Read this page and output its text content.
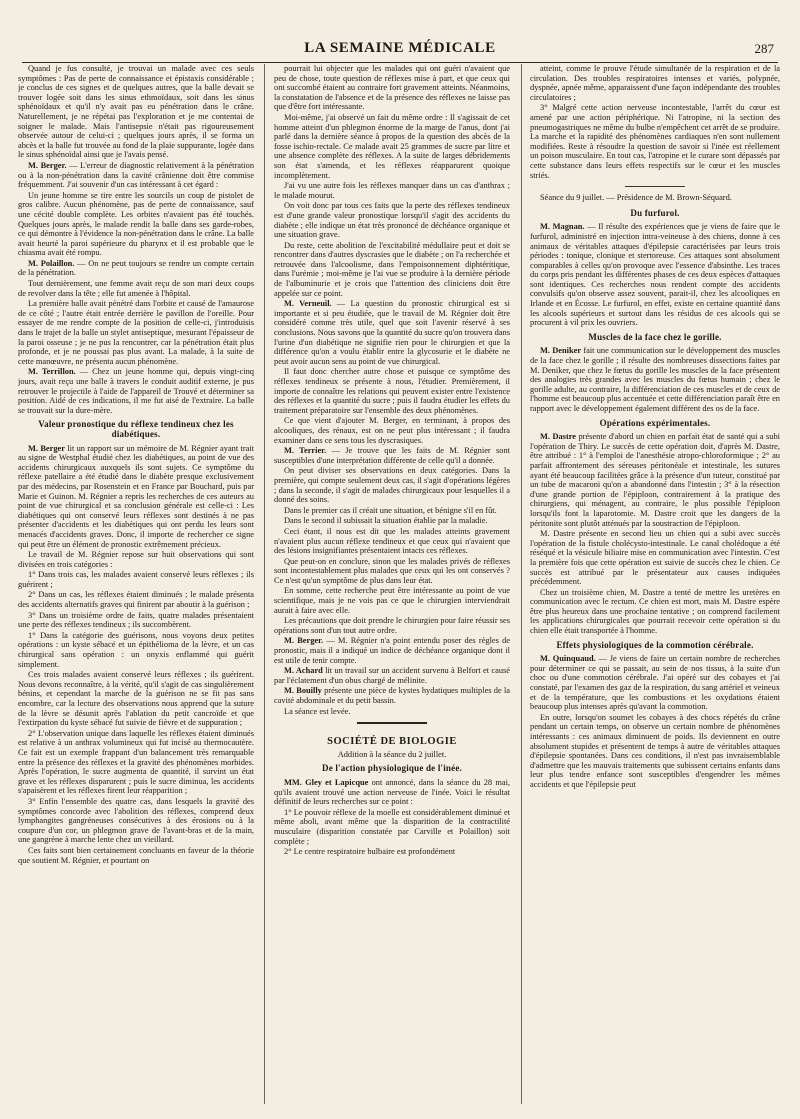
LA SEMAINE MÉDICALE	287

Quand je fus consulté, je trouvai un malade avec ces seuls symptômes : Pas de perte de connaissance et épistaxis considérable ; je conclus de ces signes et de quelques autres, que la balle devait se trouver logée soit dans les sinus ethmoïdaux, soit dans les sinus sphénoïdaux et qu'il n'y avait pas eu pénétration dans le crâne. Naturellement, je ne répétai pas l'exploration et je me contentai de soigner le malade. Mais l'antisepsie n'était pas rigoureusement observée autour de celui-ci ; quelques jours après, il se forma un abcès et la balle fut trouvée au fond de la plaie suppurante, logée dans le sinus sphénoïdal ainsi que je l'avais pensé.

M. Berger. — L'erreur de diagnostic relativement à la pénétration ou à la non-pénétration dans la cavité crânienne doit être commise fréquemment. J'ai souvenir d'un cas intéressant à cet égard :

Un jeune homme se tire entre les sourcils un coup de pistolet de gros calibre. Aucun phénomène, pas de perte de connaissance, sauf une cécité double complète. Les orbites n'avaient pas été touchés. Quelques jours après, le malade rendit la balle dans ses garde-robes, ce qui démontre à l'évidence la non-pénétration dans le crâne. La balle avait heurté la paroi supérieure du pharynx et il est probable que le chiasma avait été rompu.

M. Polaillon. — On ne peut toujours se rendre un compte certain de la pénétration.

Tout dernièrement, une femme avait reçu de son mari deux coups de revolver dans la tête ; elle fut amenée à l'hôpital.

La première balle avait pénétré dans l'orbite et causé de l'amaurose de ce côté ; l'autre était entrée derrière le pavillon de l'oreille. Pour essayer de me rendre compte de la position de celle-ci, j'introduisis dans le trajet de la balle un stylet antiseptique, mesurant l'épaisseur de la paroi osseuse ; je ne pus la rencontrer, car la pénétration était plus profonde, et je ne poussai pas plus avant. La malade, à la suite de cette manœuvre, ne présenta aucun phénomène.

M. Terrillon. — Chez un jeune homme qui, depuis vingt-cinq jours, avait reçu une balle à travers le conduit auditif externe, je pus retrouver le projectile à l'aide de l'appareil de Trouvé et déterminer sa position. Aidé de ces indications, il me fut aisé de l'extraire. La balle se trouvait sur la dure-mère.

Valeur pronostique du réflexe tendineux chez les diabétiques.

M. Berger lit un rapport sur un mémoire de M. Régnier ayant trait au signe de Westphal étudié chez les diabétiques, au point de vue des accidents chirurgicaux auxquels ils sont sujets. Ce symptôme du réflexe patellaire a été étudié dans le diabète presque exclusivement par des médecins, par Rosenstein et en France par Bouchard, puis par Marie et Guinon. M. Régnier a repris les recherches de ces auteurs au point de vue chirurgical et sa conclusion générale est celle-ci : Les diabétiques qui ont conservé leurs réflexes sont destinés à ne pas présenter d'accidents et les diabétiques qui ont perdu les leurs sont menacés d'accidents graves. Donc, il importe de rechercher ce signe qui peut être un élément de pronostic extrêmement précieux.

Le travail de M. Régnier repose sur huit observations qui sont divisées en trois catégories :

1° Dans trois cas, les malades avaient conservé leurs réflexes ; ils guérirent ;

2° Dans un cas, les réflexes étaient diminués ; le malade présenta des accidents alternatifs graves qui finirent par aboutir à la guérison ;

3° Dans un troisième ordre de faits, quatre malades présentaient une perte des réflexes tendineux ; ils succombèrent.

1° Dans la catégorie des guérisons, nous voyons deux petites opérations : un kyste sébacé et un épithélioma de la lèvre, et un cas chirurgical sans opération : un onyxis enflammé qui guérit simplement.

Ces trois malades avaient conservé leurs réflexes ; ils guérirent. Nous devons reconnaître, à la vérité, qu'il s'agit de cas singulièrement bénins, et cependant la marche de la guérison ne se fit pas sans encombre, car la lecture des observations nous apprend que la suture de la lèvre se désunit après l'ablation du petit cancroïde et que l'extirpation du kyste sébacé fut suivie de fièvre et de suppuration ;

2° L'observation unique dans laquelle les réflexes étaient diminués est relative à un anthrax volumineux qui fut incisé au thermocautère. Ce fait est un exemple frappant d'un balancement très remarquable entre la présence des réflexes et la gravité des phénomènes morbides. Après l'opération, le sucre augmenta de quantité, il survint un état grave et les réflexes disparurent ; puis le sucre diminua, les accidents s'apaisèrent et les réflexes firent leur réapparition ;

3° Enfin l'ensemble des quatre cas, dans lesquels la gravité des symptômes concorde avec l'abolition des réflexes, comprend deux lymphangites gangréneuses consécutives à des érosions ou à la coupure d'un cor, un phlegmon grave de l'avant-bras et de la main, une gangrène à marche lente chez un vieillard.

Ces faits sont bien certainement concluants en faveur de la théorie que soutient M. Régnier, et pourtant on

pourrait lui objecter que les malades qui ont guéri n'avaient que peu de chose, toute question de réflexes mise à part, et que ceux qui ont succombé étaient au contraire fort gravement atteints. Néanmoins, la constatation de l'absence et de la présence des réflexes ne laisse pas que d'être fort intéressante.

Moi-même, j'ai observé un fait du même ordre : Il s'agissait de cet homme atteint d'un phlegmon énorme de la marge de l'anus, dont j'ai parlé dans la dernière séance à propos de la question des abcès de la fosse ischio-rectale. Ce malade avait 25 grammes de sucre par litre et une absence complète des réflexes. A la suite de larges débridements son état s'amenda, et les réflexes réapparurent quoique incomplètement.

J'ai vu une autre fois les réflexes manquer dans un cas d'anthrax ; le malade mourut.

On voit donc par tous ces faits que la perte des réflexes tendineux est d'une grande valeur pronostique lorsqu'il s'agit des accidents du diabète ; elle indique un état très prononcé de déchéance organique et une situation grave.

Du reste, cette abolition de l'excitabilité médullaire peut et doit se rencontrer dans d'autres dyscrasies que le diabète ; on l'a recherchée et retrouvée dans l'alcoolisme, dans l'empoisonnement diphtéritique, dans l'urémie ; moi-même je l'ai vue se produire à la dernière période de l'albuminurie et je crois que l'attention des cliniciens doit être appelée sur ce point.

M. Verneuil. — La question du pronostic chirurgical est si importante et si peu étudiée, que le travail de M. Régnier doit être considéré comme très utile, quel que soit l'avenir réservé à ses conclusions. Nous savons que la quantité du sucre qu'on trouvera dans l'urine d'un diabétique ne signifie rien pour le chirurgien et que la différence qu'on a voulu établir entre la glycosurie et le diabète ne peut avoir aucun sens au point de vue chirurgical.

Il faut donc chercher autre chose et puisque ce symptôme des réflexes tendineux se présente à nous, l'étudier. Premièrement, il importe de connaître les relations qui peuvent exister entre l'existence des réflexes et la quantité du sucre ; puis il faudra étudier les effets du traitement préparatoire sur l'ensemble des deux phénomènes.

Ce que vient d'ajouter M. Berger, en terminant, à propos des alcooliques, des rénaux, est on ne peut plus intéressant ; il faudra examiner dans ce sens tous les dyscrasiques.

M. Terrier. — Je trouve que les faits de M. Régnier sont susceptibles d'une interprétation différente de celle qu'il a donnée.

On peut diviser ses observations en deux catégories. Dans la première, qui compte seulement deux cas, il s'agit d'opérations légères ; dans la seconde, il s'agit de malades chirurgicaux pour lesquelles il a donné des soins.

Dans le premier cas il créait une situation, et bénigne s'il en fût.

Dans le second il subissait la situation établie par la maladie.

Ceci étant, il nous est dit que les malades atteints gravement n'avaient plus aucun réflexe tendineux et que ceux qui n'avaient que des lésions insignifiantes présentaient intacts ces réflexes.

Que peut-on en conclure, sinon que les malades privés de réflexes sont incontestablement plus malades que ceux qui les ont conservés ? Ce n'est qu'un symptôme de plus dans leur état.

En somme, cette recherche peut être intéressante au point de vue scientifique, mais je ne vois pas ce que le chirurgien interviendrait aurait à faire avec elle.

Les précautions que doit prendre le chirurgien pour faire réussir ses opérations sont d'un tout autre ordre.

M. Berger. — M. Régnier n'a point entendu poser des règles de pronostic, mais il a indiqué un indice de déchéance organique dont il est utile de tenir compte.

M. Achard lit un travail sur un accident survenu à Belfort et causé par l'éclatement d'un obus chargé de mélinite.

M. Bouilly présente une pièce de kystes hydatiques multiples de la cavité abdominale et du petit bassin.

La séance est levée.

SOCIÉTÉ DE BIOLOGIE

Addition à la séance du 2 juillet.

De l'action physiologique de l'inée.

MM. Gley et Lapicque ont annoncé, dans la séance du 28 mai, qu'ils avaient trouvé une action nerveuse de l'inée. Voici le résultat définitif de leurs recherches sur ce point :

1° Le pouvoir réflexe de la moelle est considérablement diminué et même aboli, avant même que la disparition de la contractilité musculaire (disparition constatée par Carville et Polaillon) soit complète ;

2° Le centre respiratoire bulbaire est profondément

atteint, comme le prouve l'étude simultanée de la respiration et de la circulation. Des troubles respiratoires intenses et variés, polypnée, dyspnée, apnée même, apparaissent d'une façon indépendante des troubles circulatoires ;

3° Malgré cette action nerveuse incontestable, l'arrêt du cœur est amené par une action périphérique. Ni l'atropine, ni la section des pneumogastriques ne même du bulbe n'empêchent cet arrêt de se produire. La marche et la rapidité des phénomènes cardiaques n'en sont nullement modifiées. Reste à résoudre la question de savoir si l'inée est réellement un poison musculaire. En tout cas, l'atropine et le curare sont dépassés par cette substance dans leurs effets respectifs sur le cœur et les muscles striés.

Séance du 9 juillet. — Présidence de M. Brown-Séquard.

Du furfurol.

M. Magnan. — Il résulte des expériences que je viens de faire que le furfurol, administré en injection intra-veineuse à des chiens, donne à ces animaux de véritables attaques d'épilepsie caractérisées par leurs trois périodes : tonique, clonique et stertoreuse. Ces attaques sont absolument comparables à celles qu'on provoque avec l'essence d'absinthe. Les traces du corps pris pendant les différentes phases de ces deux espèces d'attaques sont identiques. Ces recherches nous rendent compte des accidents convulsifs qu'on observe assez souvent, parait-il, chez les alcooliques en Irlande et en Écosse. Le furfurol, en effet, existe en certaine quantité dans les alcools supérieurs et surtout dans les résidus de ces alcools qui se procurent à vil prix les ouvriers.

Muscles de la face chez le gorille.

M. Deniker fait une communication sur le développement des muscles de la face chez le gorille ; il résulte des nombreuses dissections faites par M. Deniker, que chez le fœtus du gorille les muscles de la face présentent des analogies très grandes avec les muscles du fœtus humain ; chez le gorille adulte, au contraire, la différenciation de ces muscles et de ceux de l'homme est beaucoup plus accentuée et cette différenciation paraît être en rapport avec le développement également différent des os de la face.

Opérations expérimentales.

M. Dastre présente d'abord un chien en parfait état de santé qui a subi l'opération de Thiry. Le succès de cette opération doit, d'après M. Dastre, être attribué : 1° à l'emploi de l'anesthésie atropo-chloroformique ; 2° au parfait affrontement des séreuses péritonéale et intestinale, les sutures ayant été beaucoup facilitées grâce à la présence d'un tuteur, constitué par un tube de macaroni qu'on a abandonné dans l'intestin ; 3° à la résection d'une grande portion de l'épiploon, contrairement à la pratique des chirurgiens, qui ménagent, au contraire, le plus possible l'épiploon lorsqu'ils font la laparotomie. M. Dastre croit que les dangers de la péritonite sont plutôt atténués par la soustraction de l'épiploon.

M. Dastre présente en second lieu un chien qui a subi avec succès l'opération de la fistule cholécysto-intestinale. Le canal cholédoque a été réséqué et la vésicule biliaire mise en communication avec l'intestin. C'est la première fois que cette opération est suivie de succès chez le chien. Ce succès est attribué par le présentateur aux causes indiquées précédemment.

Chez un troisième chien, M. Dastre a tenté de mettre les uretères en communication avec le rectum. Ce chien est mort, mais M. Dastre espère être plus heureux dans une prochaine tentative ; on comprend facilement les applications chirurgicales que pourrait recevoir cette opération si du chien elle était transportée à l'homme.

Effets physiologiques de la commotion cérébrale.

M. Quinquaud. — Je viens de faire un certain nombre de recherches pour déterminer ce qui se passait, au sein de nos tissus, à la suite d'un choc ou d'une commotion cérébrale. J'ai opéré sur des cobayes et j'ai constaté, par l'examen des gaz de la respiration, du sang artériel et veineux et de la température, que les combustions et les oxydations étaient beaucoup plus intenses après qu'avant la commotion.

En outre, lorsqu'on soumet les cobayes à des chocs répétés du crâne pendant un certain temps, on observe un certain nombre de phénomènes intéressants : ces animaux diminuent de poids. Ils deviennent en outre absolument stupides et présentent de temps à autre de véritables attaques d'épilepsie spontanées. Dans ces conditions, il n'est pas invraisemblable d'admettre que les mauvais traitements que subissent certains enfants dans leur plus tendre enfance sont susceptibles d'engendrer les mêmes accidents et que l'épilepsie peut
